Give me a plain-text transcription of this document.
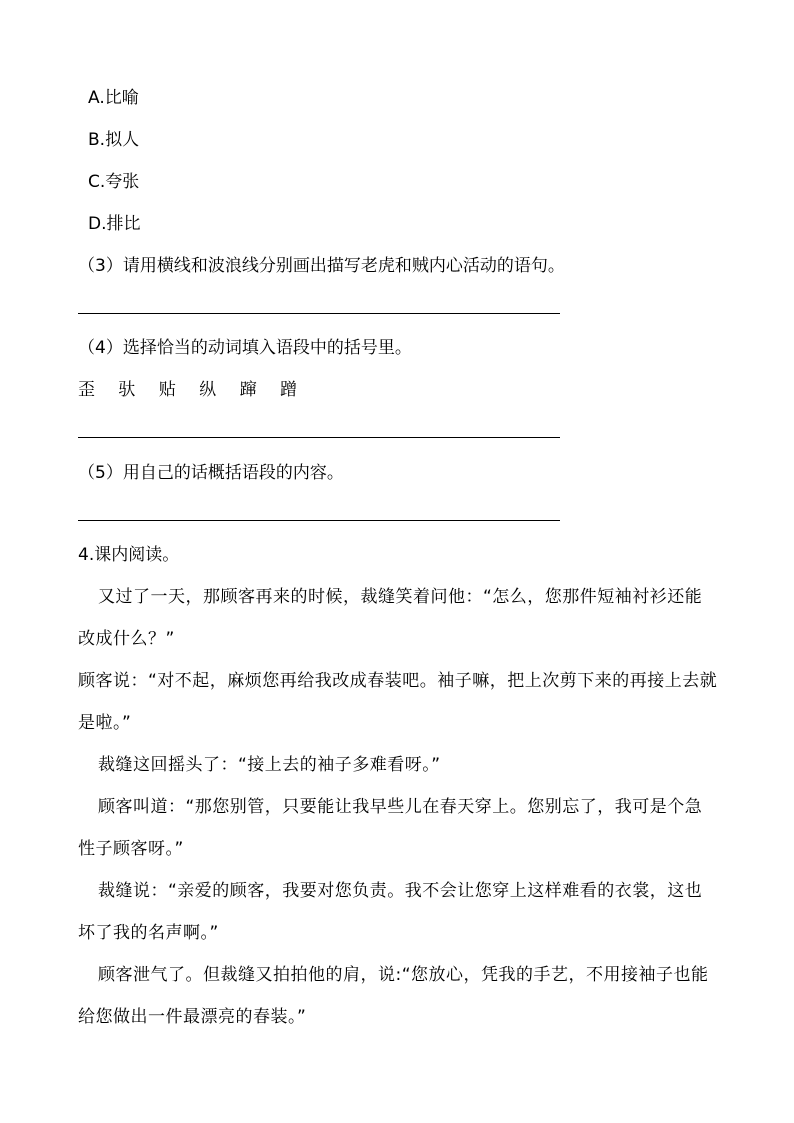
A.比喻
B.拟人
C.夸张
D.排比
（3）请用横线和波浪线分别画出描写老虎和贼内心活动的语句。
（4）选择恰当的动词填入语段中的括号里。
歪 驮 贴 纵 蹿 蹭
（5）用自己的话概括语段的内容。
4.课内阅读。
又过了一天，那顾客再来的时候，裁缝笑着问他：“怎么，您那件短袖衬衫还能改成什么？”
顾客说：“对不起，麻烦您再给我改成春装吧。袖子嘛，把上次剪下来的再接上去就是啦。”
裁缝这回摇头了：“接上去的袖子多难看呀。”
顾客叫道：“那您别管，只要能让我早些儿在春天穿上。您别忘了，我可是个急性子顾客呀。”
裁缝说：“亲爱的顾客，我要对您负责。我不会让您穿上这样难看的衣裳，这也坏了我的名声啊。”
顾客泄气了。但裁缝又拍拍他的肩，说:“您放心，凭我的手艺，不用接袖子也能给您做出一件最漂亮的春装。”
